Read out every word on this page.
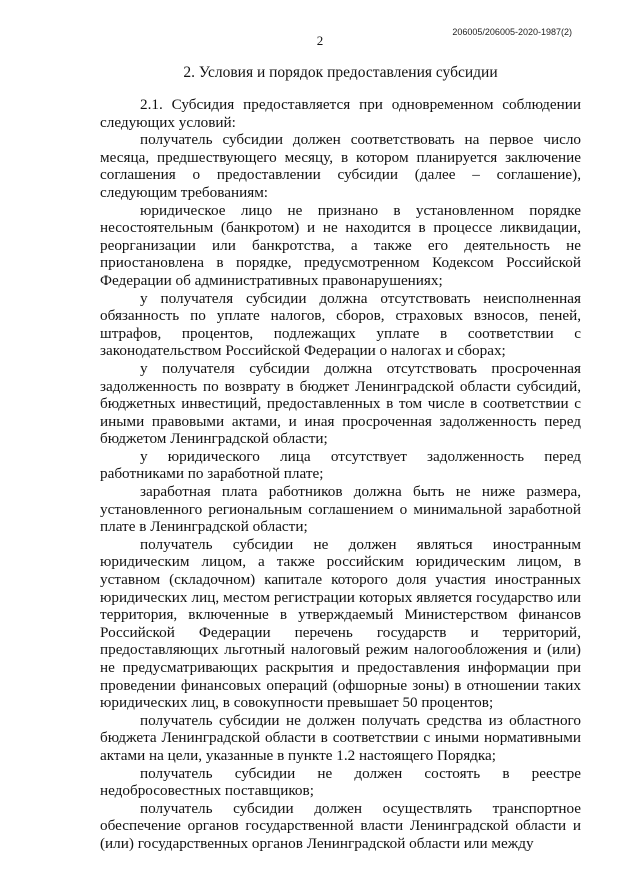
206005/206005-2020-1987(2)
2
2. Условия и порядок предоставления субсидии

2.1. Субсидия предоставляется при одновременном соблюдении следующих условий:

получатель субсидии должен соответствовать на первое число месяца, предшествующего месяцу, в котором планируется заключение соглашения о предоставлении субсидии (далее – соглашение), следующим требованиям:

юридическое лицо не признано в установленном порядке несостоятельным (банкротом) и не находится в процессе ликвидации, реорганизации или банкротства, а также его деятельность не приостановлена в порядке, предусмотренном Кодексом Российской Федерации об административных правонарушениях;

у получателя субсидии должна отсутствовать неисполненная обязанность по уплате налогов, сборов, страховых взносов, пеней, штрафов, процентов, подлежащих уплате в соответствии с законодательством Российской Федерации о налогах и сборах;

у получателя субсидии должна отсутствовать просроченная задолженность по возврату в бюджет Ленинградской области субсидий, бюджетных инвестиций, предоставленных в том числе в соответствии с иными правовыми актами, и иная просроченная задолженность перед бюджетом Ленинградской области;

у юридического лица отсутствует задолженность перед работниками по заработной плате;

заработная плата работников должна быть не ниже размера, установленного региональным соглашением о минимальной заработной плате в Ленинградской области;

получатель субсидии не должен являться иностранным юридическим лицом, а также российским юридическим лицом, в уставном (складочном) капитале которого доля участия иностранных юридических лиц, местом регистрации которых является государство или территория, включенные в утверждаемый Министерством финансов Российской Федерации перечень государств и территорий, предоставляющих льготный налоговый режим налогообложения и (или) не предусматривающих раскрытия и предоставления информации при проведении финансовых операций (офшорные зоны) в отношении таких юридических лиц, в совокупности превышает 50 процентов;

получатель субсидии не должен получать средства из областного бюджета Ленинградской области в соответствии с иными нормативными актами на цели, указанные в пункте 1.2 настоящего Порядка;

получатель субсидии не должен состоять в реестре недобросовестных поставщиков;

получатель субсидии должен осуществлять транспортное обеспечение органов государственной власти Ленинградской области и (или) государственных органов Ленинградской области или между
